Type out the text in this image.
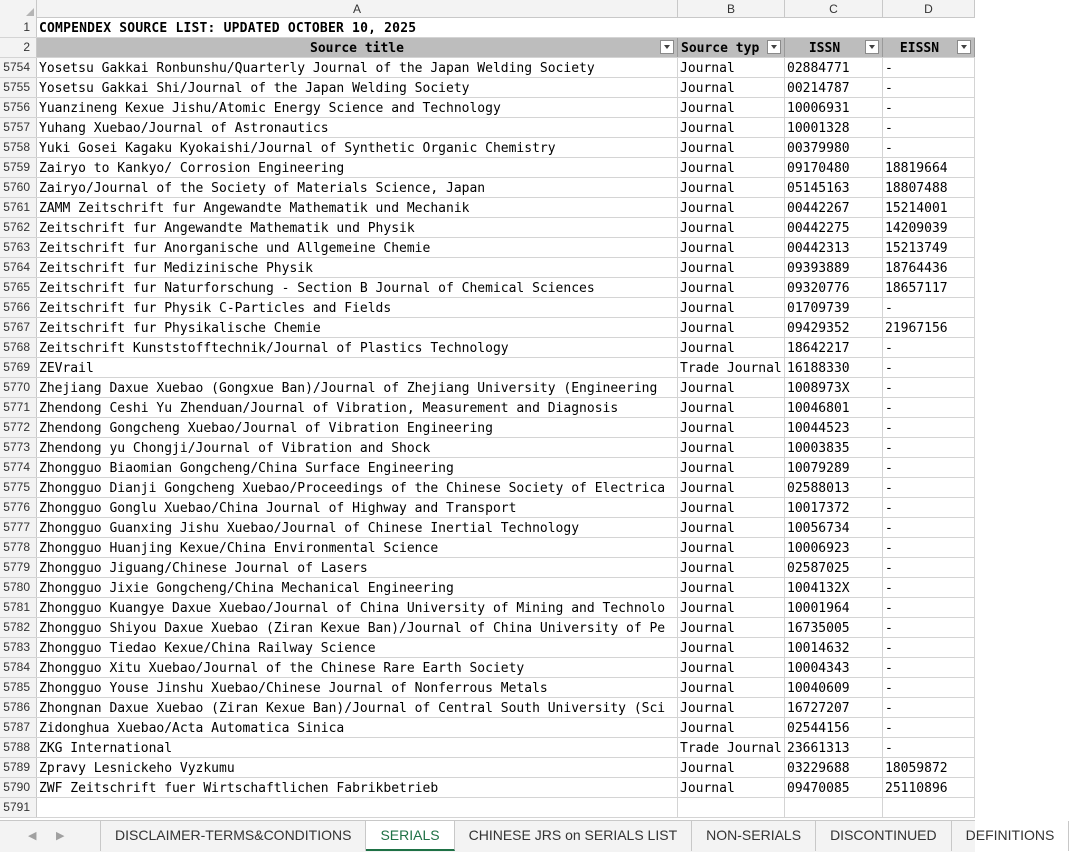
A	B	C	D
1 COMPENDEX SOURCE LIST: UPDATED OCTOBER 10, 2025
2	Source title	Source typ	ISSN	EISSN
5754 Yosetsu Gakkai Ronbunshu/Quarterly Journal of the Japan Welding Society	Journal	02884771	-
5755 Yosetsu Gakkai Shi/Journal of the Japan Welding Society	Journal	00214787	-
5756 Yuanzineng Kexue Jishu/Atomic Energy Science and Technology	Journal	10006931	-
5757 Yuhang Xuebao/Journal of Astronautics	Journal	10001328	-
5758 Yuki Gosei Kagaku Kyokaishi/Journal of Synthetic Organic Chemistry	Journal	00379980	-
5759 Zairyo to Kankyo/ Corrosion Engineering	Journal	09170480	18819664
5760 Zairyo/Journal of the Society of Materials Science, Japan	Journal	05145163	18807488
5761 ZAMM Zeitschrift fur Angewandte Mathematik und Mechanik	Journal	00442267	15214001
5762 Zeitschrift fur Angewandte Mathematik und Physik	Journal	00442275	14209039
5763 Zeitschrift fur Anorganische und Allgemeine Chemie	Journal	00442313	15213749
5764 Zeitschrift fur Medizinische Physik	Journal	09393889	18764436
5765 Zeitschrift fur Naturforschung - Section B Journal of Chemical Sciences	Journal	09320776	18657117
5766 Zeitschrift fur Physik C-Particles and Fields	Journal	01709739	-
5767 Zeitschrift fur Physikalische Chemie	Journal	09429352	21967156
5768 Zeitschrift Kunststofftechnik/Journal of Plastics Technology	Journal	18642217	-
5769 ZEVrail	Trade Journal 16188330	-
5770 Zhejiang Daxue Xuebao (Gongxue Ban)/Journal of Zhejiang University (Engineering	Journal	1008973X	-
5771 Zhendong Ceshi Yu Zhenduan/Journal of Vibration, Measurement and Diagnosis	Journal	10046801	-
5772 Zhendong Gongcheng Xuebao/Journal of Vibration Engineering	Journal	10044523	-
5773 Zhendong yu Chongji/Journal of Vibration and Shock	Journal	10003835	-
5774 Zhongguo Biaomian Gongcheng/China Surface Engineering	Journal	10079289	-
5775 Zhongguo Dianji Gongcheng Xuebao/Proceedings of the Chinese Society of Electrica	Journal	02588013	-
5776 Zhongguo Gonglu Xuebao/China Journal of Highway and Transport	Journal	10017372	-
5777 Zhongguo Guanxing Jishu Xuebao/Journal of Chinese Inertial Technology	Journal	10056734	-
5778 Zhongguo Huanjing Kexue/China Environmental Science	Journal	10006923	-
5779 Zhongguo Jiguang/Chinese Journal of Lasers	Journal	02587025	-
5780 Zhongguo Jixie Gongcheng/China Mechanical Engineering	Journal	1004132X	-
5781 Zhongguo Kuangye Daxue Xuebao/Journal of China University of Mining and Technolo	Journal	10001964	-
5782 Zhongguo Shiyou Daxue Xuebao (Ziran Kexue Ban)/Journal of China University of Pe	Journal	16735005	-
5783 Zhongguo Tiedao Kexue/China Railway Science	Journal	10014632	-
5784 Zhongguo Xitu Xuebao/Journal of the Chinese Rare Earth Society	Journal	10004343	-
5785 Zhongguo Youse Jinshu Xuebao/Chinese Journal of Nonferrous Metals	Journal	10040609	-
5786 Zhongnan Daxue Xuebao (Ziran Kexue Ban)/Journal of Central South University (Sci	Journal	16727207	-
5787 Zidonghua Xuebao/Acta Automatica Sinica	Journal	02544156	-
5788 ZKG International	Trade Journal 23661313	-
5789 Zpravy Lesnickeho Vyzkumu	Journal	03229688	18059872
5790 ZWF Zeitschrift fuer Wirtschaftlichen Fabrikbetrieb	Journal	09470085	25110896
5791
◀ ▶	DISCLAIMER-TERMS&CONDITIONS	SERIALS	CHINESE JRS on SERIALS LIST	NON-SERIALS	DISCONTINUED	DEFINITIONS
